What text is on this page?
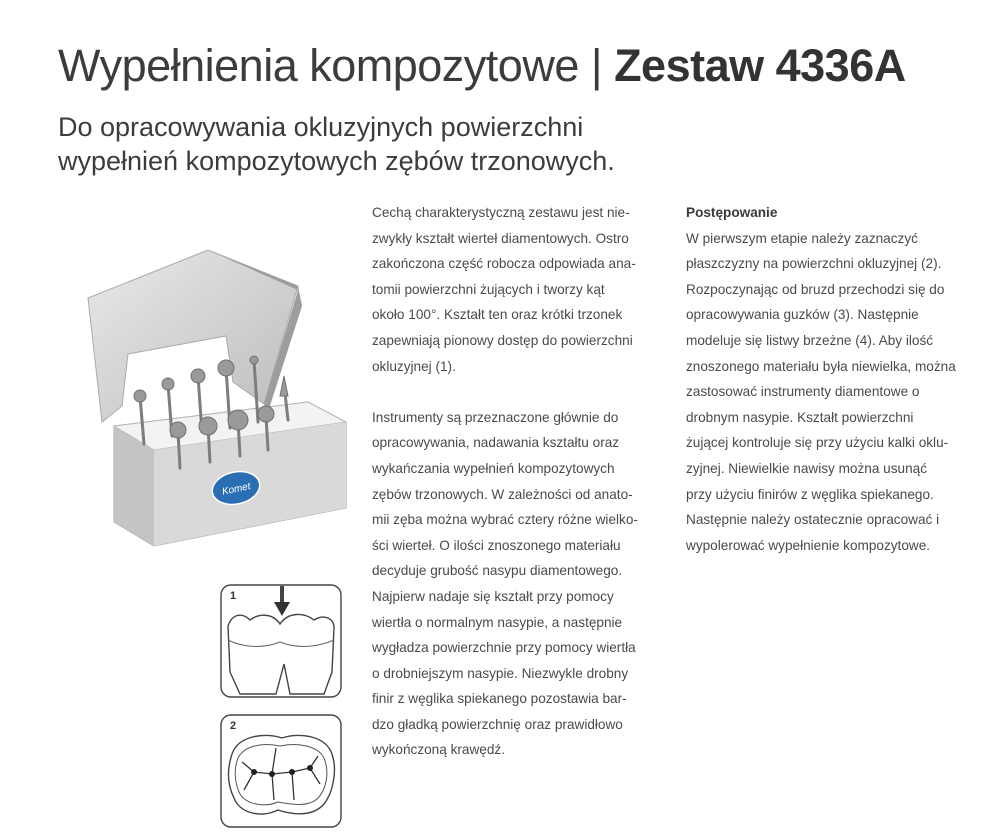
Wypełnienia kompozytowe | Zestaw 4336A
Do opracowywania okluzyjnych powierzchni
wypełnień kompozytowych zębów trzonowych.
Komet
1
2

Cechą charakterystyczną zestawu jest nie-
zwykły kształt wierteł diamentowych. Ostro
zakończona część robocza odpowiada ana-
tomii powierzchni żujących i tworzy kąt
około 100°. Kształt ten oraz krótki trzonek
zapewniają pionowy dostęp do powierzchni
okluzyjnej (1).

Instrumenty są przeznaczone głównie do
opracowywania, nadawania kształtu oraz
wykańczania wypełnień kompozytowych
zębów trzonowych. W zależności od anato-
mii zęba można wybrać cztery różne wielko-
ści wierteł. O ilości znoszonego materiału
decyduje grubość nasypu diamentowego.
Najpierw nadaje się kształt przy pomocy
wiertła o normalnym nasypie, a następnie
wygładza powierzchnie przy pomocy wiertła
o drobniejszym nasypie. Niezwykle drobny
finir z węglika spiekanego pozostawia bar-
dzo gładką powierzchnię oraz prawidłowo
wykończoną krawędź.

Postępowanie

W pierwszym etapie należy zaznaczyć
płaszczyzny na powierzchni okluzyjnej (2).
Rozpoczynając od bruzd przechodzi się do
opracowywania guzków (3). Następnie
modeluje się listwy brzeżne (4). Aby ilość
znoszonego materiału była niewielka, można
zastosować instrumenty diamentowe o
drobnym nasypie. Kształt powierzchni
żującej kontroluje się przy użyciu kalki oklu-
zyjnej. Niewielkie nawisy można usunąć
przy użyciu finirów z węglika spiekanego.
Następnie należy ostatecznie opracować i
wypolerować wypełnienie kompozytowe.
